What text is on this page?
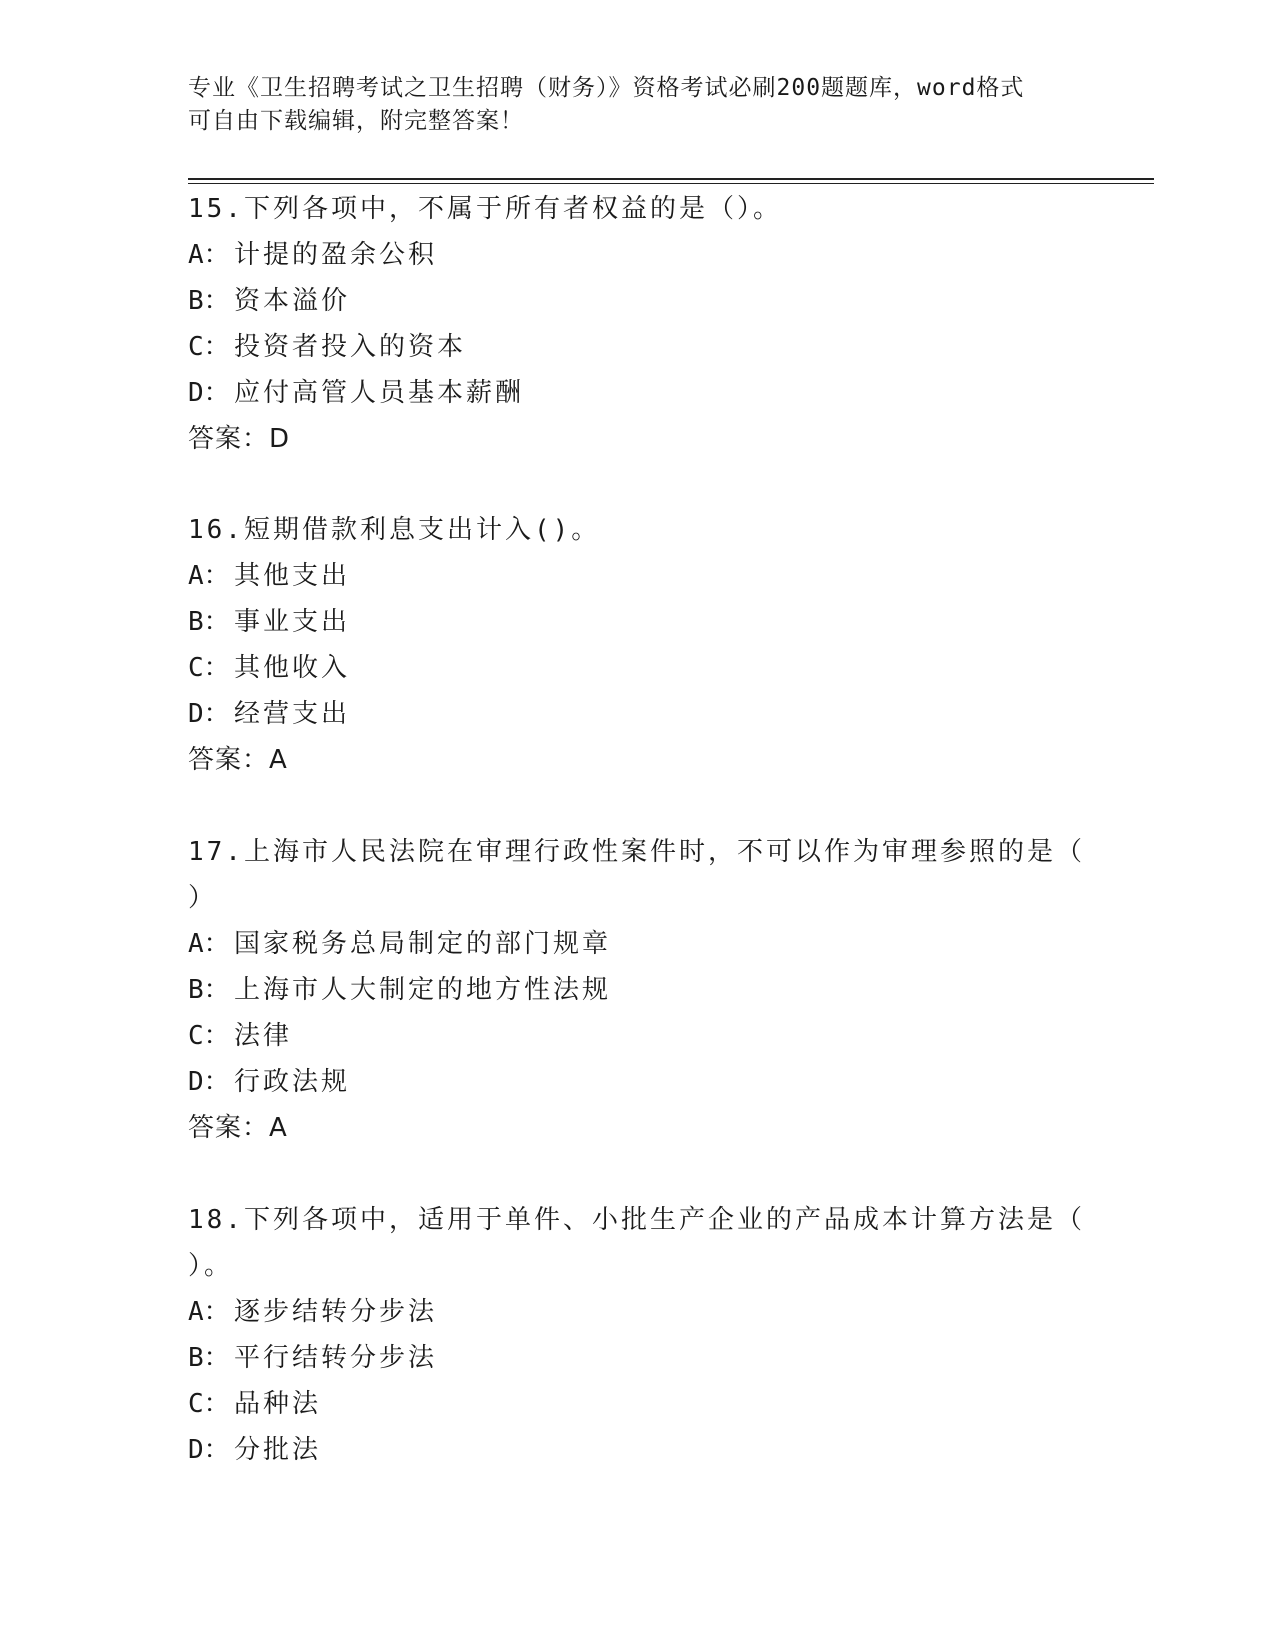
专业《卫生招聘考试之卫生招聘（财务）》资格考试必刷200题题库，word格式
可自由下载编辑，附完整答案！
15.下列各项中，不属于所有者权益的是（）。
A： 计提的盈余公积
B： 资本溢价
C： 投资者投入的资本
D： 应付高管人员基本薪酬
答案：D
16.短期借款利息支出计入()。
A： 其他支出
B： 事业支出
C： 其他收入
D： 经营支出
答案：A
17.上海市人民法院在审理行政性案件时，不可以作为审理参照的是（
）
A： 国家税务总局制定的部门规章
B： 上海市人大制定的地方性法规
C： 法律
D： 行政法规
答案：A
18.下列各项中，适用于单件、小批生产企业的产品成本计算方法是（
）。
A： 逐步结转分步法
B： 平行结转分步法
C： 品种法
D： 分批法
